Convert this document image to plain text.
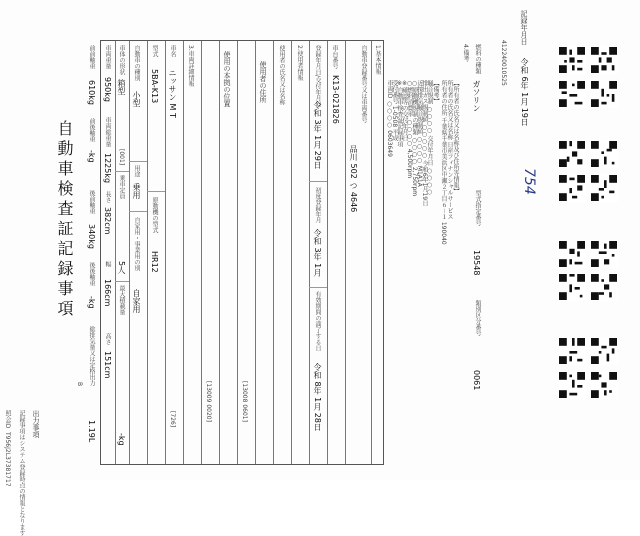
記録年月日
令和 6年 1月 19日
412240010525
754
自動車検査証記録事項
B
出力事項
記録事項はシステム登録時点の情報となります
照会ID
T956J2L37381717
1.基本情報
自動車登録番号又は車両番号
品川 502 つ 4646
車台番号
K13-021826
登録年月日/交付年月日
令和 3年 1月 29日
初度登録年月
令和 3年 1月
有効期間の満了する日
令和 8年 1月 28日
2.使用者情報
使用者の氏名又は名称
使用者の住所
[13008 0601]
使用の本拠の位置
[13009 0020]
3.車両詳細情報
車名
ニッサン M T
[726]
型式
5BA-K13
原動機の型式
HR12
自動車の種別
小型
用途
乗用
自家用・事業用の別
自家用
車体の形状
箱型
[001]
乗車定員
5人
最大積載量
-kg
車両重量
950kg
車両総重量
1225kg
長さ
382cm
幅
166cm
高さ
151cm
前前軸重
610kg
前後軸重
-kg
後前軸重
340kg
後後軸重
-kg
総排気量又は定格出力
1.19L
燃料の種類
ガソリン
型式指定番号
19548
類別区分番号
0061
4.備考
【所有者の氏名又は名称及び住所等情報】
所有者の氏名又は名称 日産フィナンシャルサービス
所有者の住所 千葉県千葉市美浜区中瀬２丁目６－１ 190040
【備考】
騒音規制 ○○○○ 交付年月日 ○○○○
排出ガス規制値 ○○○○○ 令和6年1月19日
近接排気騒音規制値 ○○○○ M1A1A
○原動機規制の種類 ○○○○ 2,750rpm
○燃料消費率 ○○○○ 4,500rpm
※確認等の交付年月日
※自動車検査証記録事項
受付番号 1-0508 平成
車両ID ○○○○ 0603649
